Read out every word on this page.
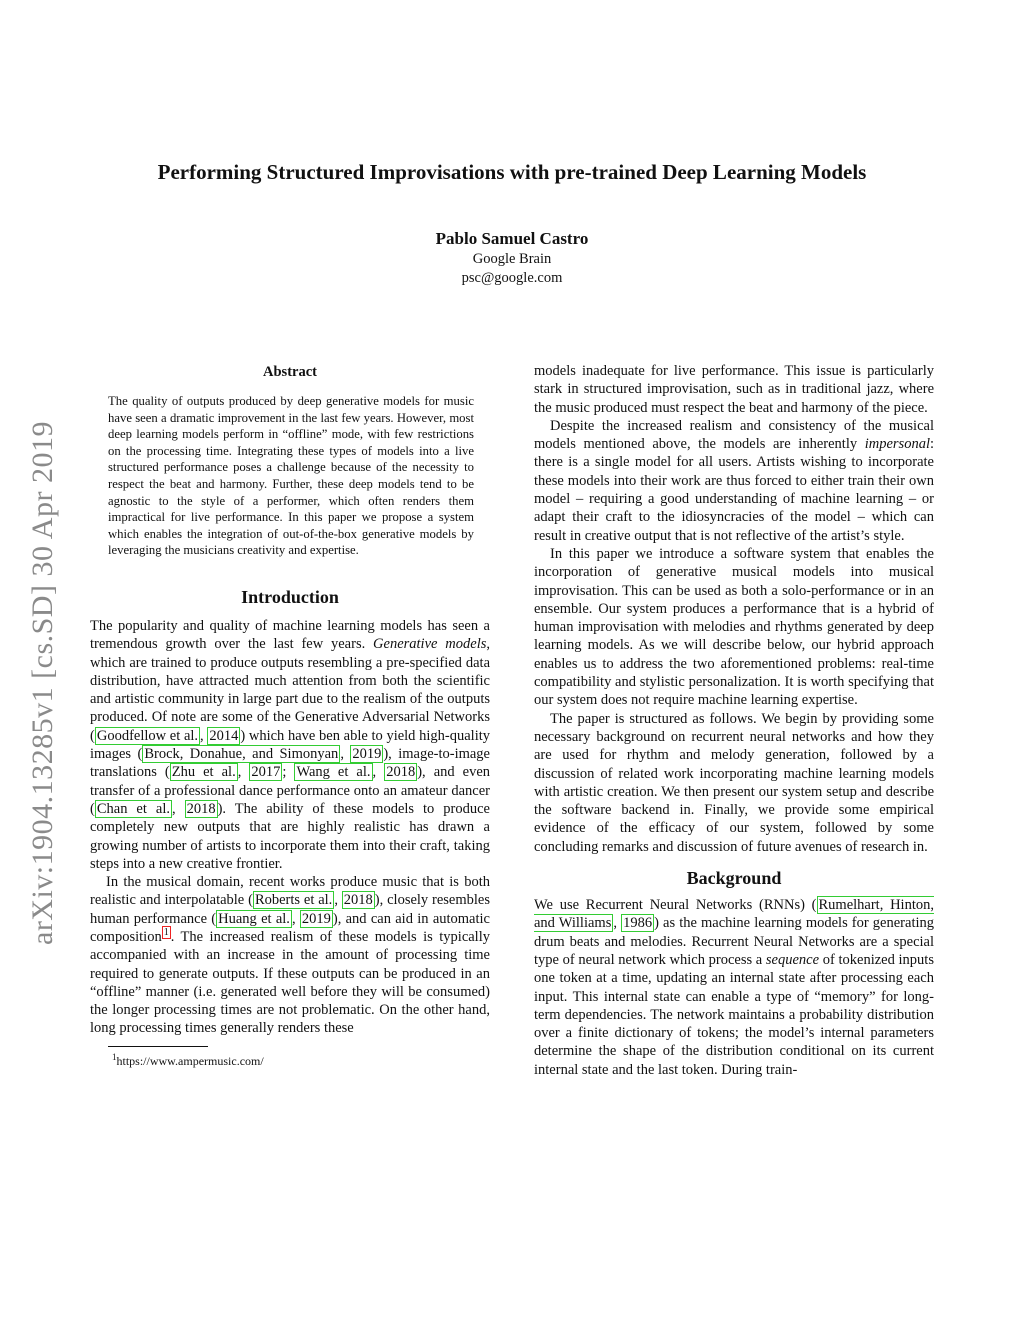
arXiv:1904.13285v1 [cs.SD] 30 Apr 2019
Performing Structured Improvisations with pre-trained Deep Learning Models
Pablo Samuel Castro
Google Brain
psc@google.com
Abstract
The quality of outputs produced by deep generative models for music have seen a dramatic improvement in the last few years. However, most deep learning models perform in “offline” mode, with few restrictions on the processing time. Integrating these types of models into a live structured performance poses a challenge because of the necessity to respect the beat and harmony. Further, these deep models tend to be agnostic to the style of a performer, which often renders them impractical for live performance. In this paper we propose a system which enables the integration of out-of-the-box generative models by leveraging the musicians creativity and expertise.
Introduction

The popularity and quality of machine learning models has seen a tremendous growth over the last few years. Generative models, which are trained to produce outputs resembling a pre-specified data distribution, have attracted much attention from both the scientific and artistic community in large part due to the realism of the outputs produced. Of note are some of the Generative Adversarial Networks ( Goodfellow et al. , 2014 ) which have ben able to yield high-quality images ( Brock, Donahue, and Simonyan , 2019 ), image-to-image translations ( Zhu et al. , 2017 ; Wang et al. , 2018 ), and even transfer of a professional dance performance onto an amateur dancer ( Chan et al. , 2018 ). The ability of these models to produce completely new outputs that are highly realistic has drawn a growing number of artists to incorporate them into their craft, taking steps into a new creative frontier.

In the musical domain, recent works produce music that is both realistic and interpolatable ( Roberts et al. , 2018 ), closely resembles human performance ( Huang et al. , 2019 ), and can aid in automatic composition $^1$ . The increased realism of these models is typically accompanied with an increase in the amount of processing time required to generate outputs. If these outputs can be produced in an “offline” manner (i.e. generated well before they will be consumed) the longer processing times are not problematic. On the other hand, long processing times generally renders these

$^1$https://www.ampermusic.com/

models inadequate for live performance. This issue is particularly stark in structured improvisation, such as in traditional jazz, where the music produced must respect the beat and harmony of the piece.

Despite the increased realism and consistency of the musical models mentioned above, the models are inherently impersonal: there is a single model for all users. Artists wishing to incorporate these models into their work are thus forced to either train their own model – requiring a good understanding of machine learning – or adapt their craft to the idiosyncracies of the model – which can result in creative output that is not reflective of the artist’s style.

In this paper we introduce a software system that enables the incorporation of generative musical models into musical improvisation. This can be used as both a solo-performance or in an ensemble. Our system produces a performance that is a hybrid of human improvisation with melodies and rhythms generated by deep learning models. As we will describe below, our hybrid approach enables us to address the two aforementioned problems: real-time compatibility and stylistic personalization. It is worth specifying that our system does not require machine learning expertise.

The paper is structured as follows. We begin by providing some necessary background on recurrent neural networks and how they are used for rhythm and melody generation, followed by a discussion of related work incorporating machine learning models with artistic creation. We then present our system setup and describe the software backend in. Finally, we provide some empirical evidence of the efficacy of our system, followed by some concluding remarks and discussion of future avenues of research in.

Background

We use Recurrent Neural Networks (RNNs) ( Rumelhart, Hinton, and Williams , 1986 ) as the machine learning models for generating drum beats and melodies. Recurrent Neural Networks are a special type of neural network which process a sequence of tokenized inputs one token at a time, updating an internal state after processing each input. This internal state can enable a type of “memory” for long-term dependencies. The network maintains a probability distribution over a finite dictionary of tokens; the model’s internal parameters determine the shape of the distribution conditional on its current internal state and the last token. During train-
